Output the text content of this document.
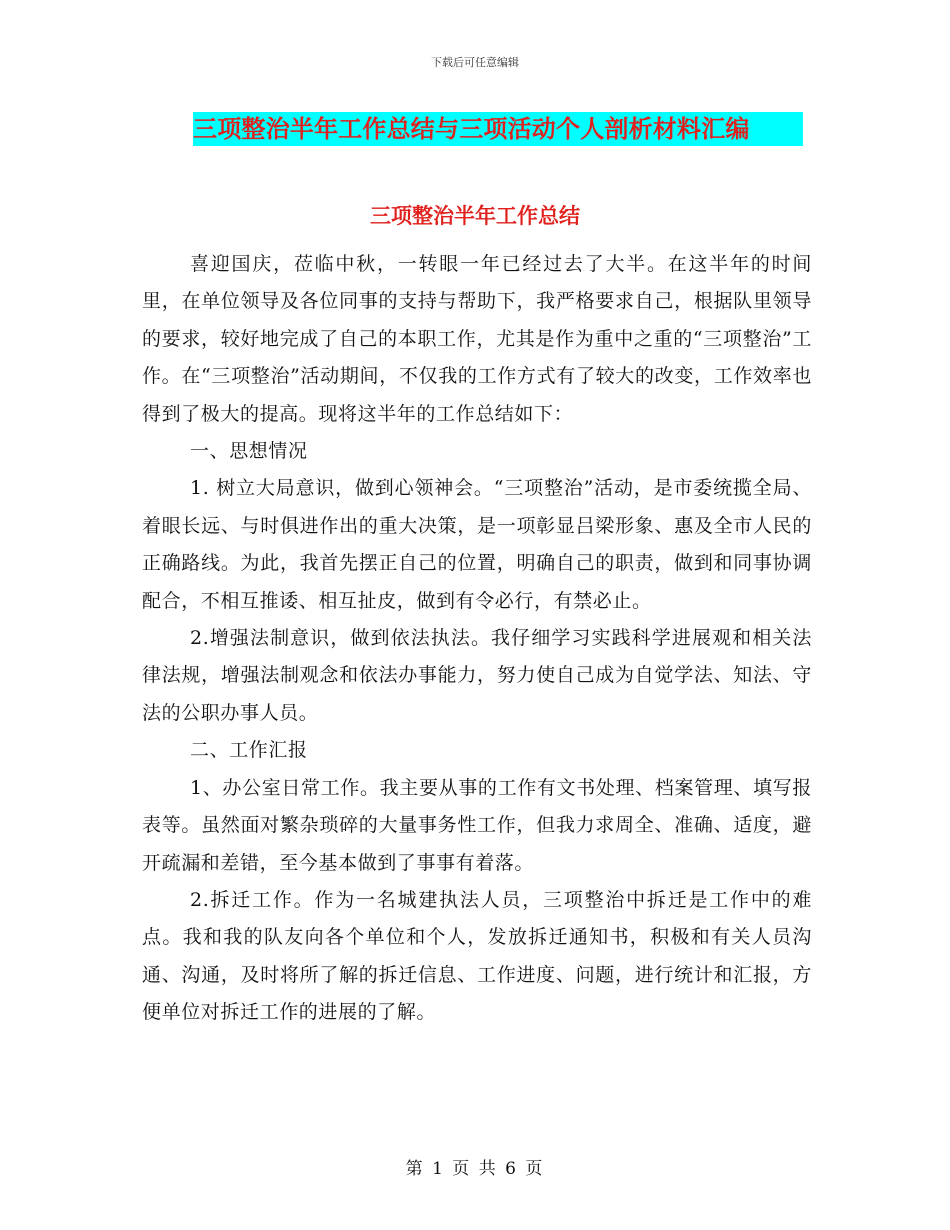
下载后可任意编辑
三项整治半年工作总结与三项活动个人剖析材料汇编
三项整治半年工作总结

喜迎国庆，莅临中秋，一转眼一年已经过去了大半。在这半年的时间里，在单位领导及各位同事的支持与帮助下，我严格要求自己，根据队里领导的要求，较好地完成了自己的本职工作，尤其是作为重中之重的“三项整治”工作。在“三项整治”活动期间，不仅我的工作方式有了较大的改变，工作效率也得到了极大的提高。现将这半年的工作总结如下：

一、思想情况

1. 树立大局意识，做到心领神会。“三项整治”活动，是市委统揽全局、着眼长远、与时俱进作出的重大决策，是一项彰显吕梁形象、惠及全市人民的正确路线。为此，我首先摆正自己的位置，明确自己的职责，做到和同事协调配合，不相互推诿、相互扯皮，做到有令必行，有禁必止。

2.增强法制意识，做到依法执法。我仔细学习实践科学进展观和相关法律法规，增强法制观念和依法办事能力，努力使自己成为自觉学法、知法、守法的公职办事人员。

二、工作汇报

1、办公室日常工作。我主要从事的工作有文书处理、档案管理、填写报表等。虽然面对繁杂琐碎的大量事务性工作，但我力求周全、准确、适度，避开疏漏和差错，至今基本做到了事事有着落。

2.拆迁工作。作为一名城建执法人员，三项整治中拆迁是工作中的难点。我和我的队友向各个单位和个人，发放拆迁通知书，积极和有关人员沟通、沟通，及时将所了解的拆迁信息、工作进度、问题，进行统计和汇报，方便单位对拆迁工作的进展的了解。

第 1 页 共 6 页
